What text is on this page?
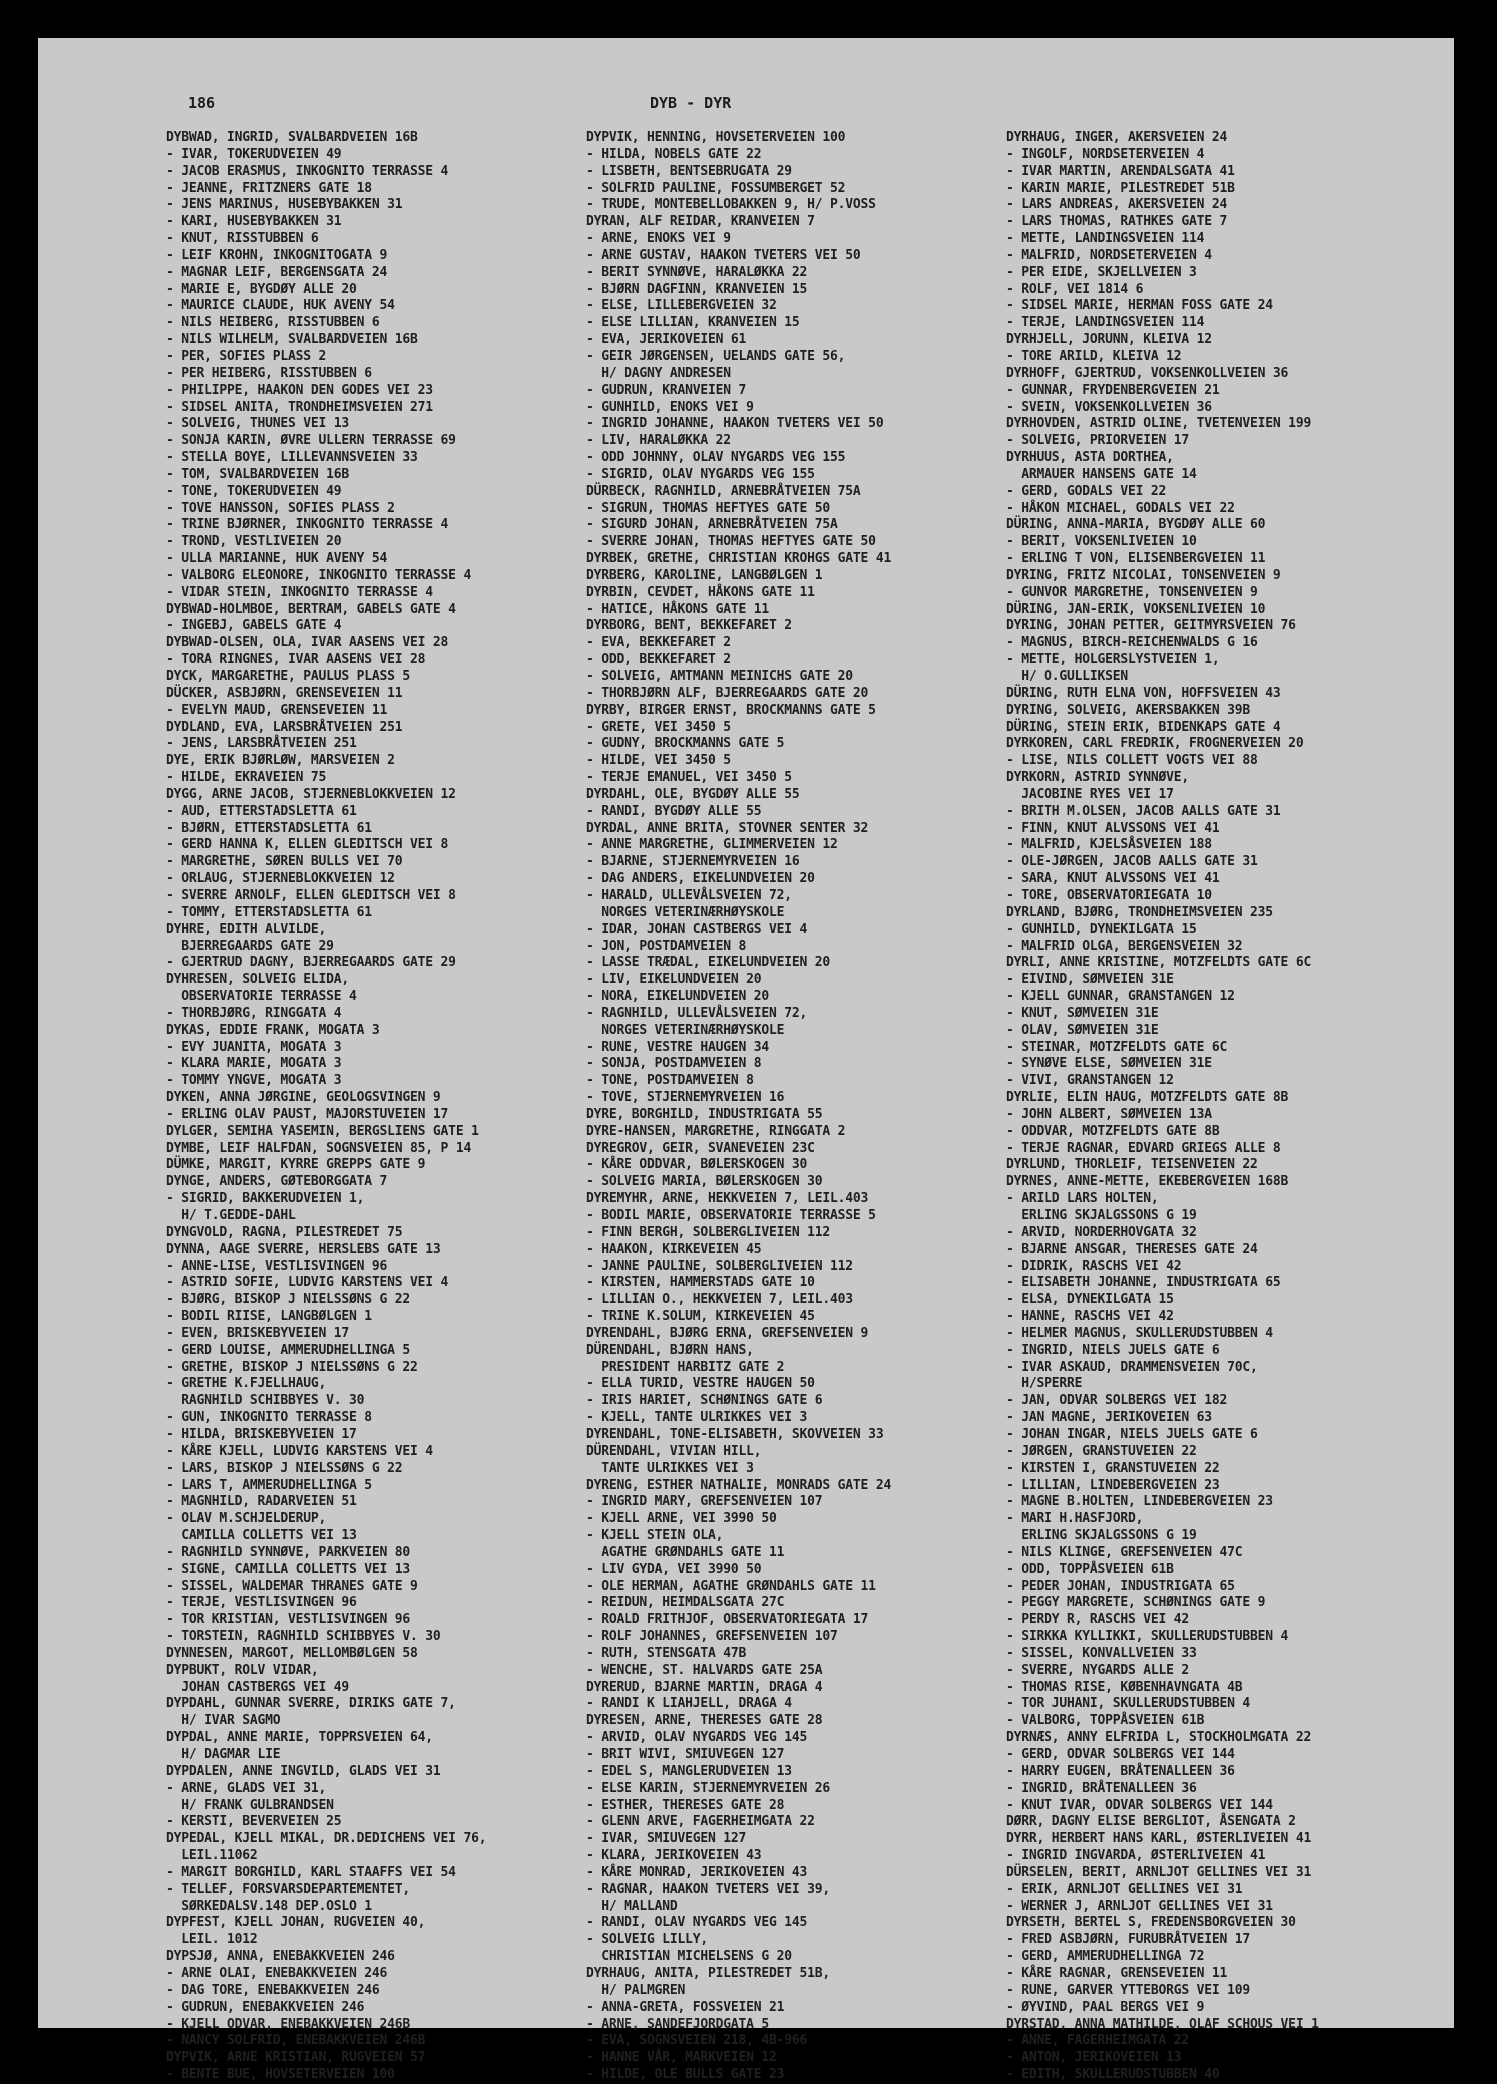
186	DYB - DYR
DYBWAD, INGRID, SVALBARDVEIEN 16B
- IVAR, TOKERUDVEIEN 49
- JACOB ERASMUS, INKOGNITO TERRASSE 4
- JEANNE, FRITZNERS GATE 18
- JENS MARINUS, HUSEBYBAKKEN 31
- KARI, HUSEBYBAKKEN 31
- KNUT, RISSTUBBEN 6
- LEIF KROHN, INKOGNITOGATA 9
- MAGNAR LEIF, BERGENSGATA 24
- MARIE E, BYGDØY ALLE 20
- MAURICE CLAUDE, HUK AVENY 54
- NILS HEIBERG, RISSTUBBEN 6
- NILS WILHELM, SVALBARDVEIEN 16B
- PER, SOFIES PLASS 2
- PER HEIBERG, RISSTUBBEN 6
- PHILIPPE, HAAKON DEN GODES VEI 23
- SIDSEL ANITA, TRONDHEIMSVEIEN 271
- SOLVEIG, THUNES VEI 13
- SONJA KARIN, ØVRE ULLERN TERRASSE 69
- STELLA BOYE, LILLEVANNSVEIEN 33
- TOM, SVALBARDVEIEN 16B
- TONE, TOKERUDVEIEN 49
- TOVE HANSSON, SOFIES PLASS 2
- TRINE BJØRNER, INKOGNITO TERRASSE 4
- TROND, VESTLIVEIEN 20
- ULLA MARIANNE, HUK AVENY 54
- VALBORG ELEONORE, INKOGNITO TERRASSE 4
- VIDAR STEIN, INKOGNITO TERRASSE 4
DYBWAD-HOLMBOE, BERTRAM, GABELS GATE 4
- INGEBJ, GABELS GATE 4
DYBWAD-OLSEN, OLA, IVAR AASENS VEI 28
- TORA RINGNES, IVAR AASENS VEI 28
DYCK, MARGARETHE, PAULUS PLASS 5
DÜCKER, ASBJØRN, GRENSEVEIEN 11
- EVELYN MAUD, GRENSEVEIEN 11
DYDLAND, EVA, LARSBRÅTVEIEN 251
- JENS, LARSBRÅTVEIEN 251
DYE, ERIK BJØRLØW, MARSVEIEN 2
- HILDE, EKRAVEIEN 75
DYGG, ARNE JACOB, STJERNEBLOKKVEIEN 12
- AUD, ETTERSTADSLETTA 61
- BJØRN, ETTERSTADSLETTA 61
- GERD HANNA K, ELLEN GLEDITSCH VEI 8
- MARGRETHE, SØREN BULLS VEI 70
- ORLAUG, STJERNEBLOKKVEIEN 12
- SVERRE ARNOLF, ELLEN GLEDITSCH VEI 8
- TOMMY, ETTERSTADSLETTA 61
DYHRE, EDITH ALVILDE,
BJERREGAARDS GATE 29
- GJERTRUD DAGNY, BJERREGAARDS GATE 29
DYHRESEN, SOLVEIG ELIDA,
OBSERVATORIE TERRASSE 4
- THORBJØRG, RINGGATA 4
DYKAS, EDDIE FRANK, MOGATA 3
- EVY JUANITA, MOGATA 3
- KLARA MARIE, MOGATA 3
- TOMMY YNGVE, MOGATA 3
DYKEN, ANNA JØRGINE, GEOLOGSVINGEN 9
- ERLING OLAV PAUST, MAJORSTUVEIEN 17
DYLGER, SEMIHA YASEMIN, BERGSLIENS GATE 1
DYMBE, LEIF HALFDAN, SOGNSVEIEN 85, P 14
DÜMKE, MARGIT, KYRRE GREPPS GATE 9
DYNGE, ANDERS, GØTEBORGGATA 7
- SIGRID, BAKKERUDVEIEN 1,
H/ T.GEDDE-DAHL
DYNGVOLD, RAGNA, PILESTREDET 75
DYNNA, AAGE SVERRE, HERSLEBS GATE 13
- ANNE-LISE, VESTLISVINGEN 96
- ASTRID SOFIE, LUDVIG KARSTENS VEI 4
- BJØRG, BISKOP J NIELSSØNS G 22
- BODIL RIISE, LANGBØLGEN 1
- EVEN, BRISKEBYVEIEN 17
- GERD LOUISE, AMMERUDHELLINGA 5
- GRETHE, BISKOP J NIELSSØNS G 22
- GRETHE K.FJELLHAUG,
RAGNHILD SCHIBBYES V. 30
- GUN, INKOGNITO TERRASSE 8
- HILDA, BRISKEBYVEIEN 17
- KÅRE KJELL, LUDVIG KARSTENS VEI 4
- LARS, BISKOP J NIELSSØNS G 22
- LARS T, AMMERUDHELLINGA 5
- MAGNHILD, RADARVEIEN 51
- OLAV M.SCHJELDERUP,
CAMILLA COLLETTS VEI 13
- RAGNHILD SYNNØVE, PARKVEIEN 80
- SIGNE, CAMILLA COLLETTS VEI 13
- SISSEL, WALDEMAR THRANES GATE 9
- TERJE, VESTLISVINGEN 96
- TOR KRISTIAN, VESTLISVINGEN 96
- TORSTEIN, RAGNHILD SCHIBBYES V. 30
DYNNESEN, MARGOT, MELLOMBØLGEN 58
DYPBUKT, ROLV VIDAR,
JOHAN CASTBERGS VEI 49
DYPDAHL, GUNNAR SVERRE, DIRIKS GATE 7,
H/ IVAR SAGMO
DYPDAL, ANNE MARIE, TOPPRSVEIEN 64,
H/ DAGMAR LIE
DYPDALEN, ANNE INGVILD, GLADS VEI 31
- ARNE, GLADS VEI 31,
H/ FRANK GULBRANDSEN
- KERSTI, BEVERVEIEN 25
DYPEDAL, KJELL MIKAL, DR.DEDICHENS VEI 76,
LEIL.11062
- MARGIT BORGHILD, KARL STAAFFS VEI 54
- TELLEF, FORSVARSDEPARTEMENTET,
SØRKEDALSV.148 DEP.OSLO 1
DYPFEST, KJELL JOHAN, RUGVEIEN 40,
LEIL. 1012
DYPSJØ, ANNA, ENEBAKKVEIEN 246
- ARNE OLAI, ENEBAKKVEIEN 246
- DAG TORE, ENEBAKKVEIEN 246
- GUDRUN, ENEBAKKVEIEN 246
- KJELL ODVAR, ENEBAKKVEIEN 246B
- NANCY SOLFRID, ENEBAKKVEIEN 246B
DYPVIK, ARNE KRISTIAN, RUGVEIEN 57
- BENTE BUE, HOVSETERVEIEN 100
DYPVIK, HENNING, HOVSETERVEIEN 100
- HILDA, NOBELS GATE 22
- LISBETH, BENTSEBRUGATA 29
- SOLFRID PAULINE, FOSSUMBERGET 52
- TRUDE, MONTEBELLOBAKKEN 9, H/ P.VOSS
DYRAN, ALF REIDAR, KRANVEIEN 7
- ARNE, ENOKS VEI 9
- ARNE GUSTAV, HAAKON TVETERS VEI 50
- BERIT SYNNØVE, HARALØKKA 22
- BJØRN DAGFINN, KRANVEIEN 15
- ELSE, LILLEBERGVEIEN 32
- ELSE LILLIAN, KRANVEIEN 15
- EVA, JERIKOVEIEN 61
- GEIR JØRGENSEN, UELANDS GATE 56,
H/ DAGNY ANDRESEN
- GUDRUN, KRANVEIEN 7
- GUNHILD, ENOKS VEI 9
- INGRID JOHANNE, HAAKON TVETERS VEI 50
- LIV, HARALØKKA 22
- ODD JOHNNY, OLAV NYGARDS VEG 155
- SIGRID, OLAV NYGARDS VEG 155
DÜRBECK, RAGNHILD, ARNEBRÅTVEIEN 75A
- SIGRUN, THOMAS HEFTYES GATE 50
- SIGURD JOHAN, ARNEBRÅTVEIEN 75A
- SVERRE JOHAN, THOMAS HEFTYES GATE 50
DYRBEK, GRETHE, CHRISTIAN KROHGS GATE 41
DYRBERG, KAROLINE, LANGBØLGEN 1
DYRBIN, CEVDET, HÅKONS GATE 11
- HATICE, HÅKONS GATE 11
DYRBORG, BENT, BEKKEFARET 2
- EVA, BEKKEFARET 2
- ODD, BEKKEFARET 2
- SOLVEIG, AMTMANN MEINICHS GATE 20
- THORBJØRN ALF, BJERREGAARDS GATE 20
DYRBY, BIRGER ERNST, BROCKMANNS GATE 5
- GRETE, VEI 3450 5
- GUDNY, BROCKMANNS GATE 5
- HILDE, VEI 3450 5
- TERJE EMANUEL, VEI 3450 5
DYRDAHL, OLE, BYGDØY ALLE 55
- RANDI, BYGDØY ALLE 55
DYRDAL, ANNE BRITA, STOVNER SENTER 32
- ANNE MARGRETHE, GLIMMERVEIEN 12
- BJARNE, STJERNEMYRVEIEN 16
- DAG ANDERS, EIKELUNDVEIEN 20
- HARALD, ULLEVÅLSVEIEN 72,
NORGES VETERINÆRHØYSKOLE
- IDAR, JOHAN CASTBERGS VEI 4
- JON, POSTDAMVEIEN 8
- LASSE TRÆDAL, EIKELUNDVEIEN 20
- LIV, EIKELUNDVEIEN 20
- NORA, EIKELUNDVEIEN 20
- RAGNHILD, ULLEVÅLSVEIEN 72,
NORGES VETERINÆRHØYSKOLE
- RUNE, VESTRE HAUGEN 34
- SONJA, POSTDAMVEIEN 8
- TONE, POSTDAMVEIEN 8
- TOVE, STJERNEMYRVEIEN 16
DYRE, BORGHILD, INDUSTRIGATA 55
DYRE-HANSEN, MARGRETHE, RINGGATA 2
DYREGROV, GEIR, SVANEVEIEN 23C
- KÅRE ODDVAR, BØLERSKOGEN 30
- SOLVEIG MARIA, BØLERSKOGEN 30
DYREMYHR, ARNE, HEKKVEIEN 7, LEIL.403
- BODIL MARIE, OBSERVATORIE TERRASSE 5
- FINN BERGH, SOLBERGLIVEIEN 112
- HAAKON, KIRKEVEIEN 45
- JANNE PAULINE, SOLBERGLIVEIEN 112
- KIRSTEN, HAMMERSTADS GATE 10
- LILLIAN O., HEKKVEIEN 7, LEIL.403
- TRINE K.SOLUM, KIRKEVEIEN 45
DYRENDAHL, BJØRG ERNA, GREFSENVEIEN 9
DÜRENDAHL, BJØRN HANS,
PRESIDENT HARBITZ GATE 2
- ELLA TURID, VESTRE HAUGEN 50
- IRIS HARIET, SCHØNINGS GATE 6
- KJELL, TANTE ULRIKKES VEI 3
DYRENDAHL, TONE-ELISABETH, SKOVVEIEN 33
DÜRENDAHL, VIVIAN HILL,
TANTE ULRIKKES VEI 3
DYRENG, ESTHER NATHALIE, MONRADS GATE 24
- INGRID MARY, GREFSENVEIEN 107
- KJELL ARNE, VEI 3990 50
- KJELL STEIN OLA,
AGATHE GRØNDAHLS GATE 11
- LIV GYDA, VEI 3990 50
- OLE HERMAN, AGATHE GRØNDAHLS GATE 11
- REIDUN, HEIMDALSGATA 27C
- ROALD FRITHJOF, OBSERVATORIEGATA 17
- ROLF JOHANNES, GREFSENVEIEN 107
- RUTH, STENSGATA 47B
- WENCHE, ST. HALVARDS GATE 25A
DYRERUD, BJARNE MARTIN, DRAGA 4
- RANDI K LIAHJELL, DRAGA 4
DYRESEN, ARNE, THERESES GATE 28
- ARVID, OLAV NYGARDS VEG 145
- BRIT WIVI, SMIUVEGEN 127
- EDEL S, MANGLERUDVEIEN 13
- ELSE KARIN, STJERNEMYRVEIEN 26
- ESTHER, THERESES GATE 28
- GLENN ARVE, FAGERHEIMGATA 22
- IVAR, SMIUVEGEN 127
- KLARA, JERIKOVEIEN 43
- KÅRE MONRAD, JERIKOVEIEN 43
- RAGNAR, HAAKON TVETERS VEI 39,
H/ MALLAND
- RANDI, OLAV NYGARDS VEG 145
- SOLVEIG LILLY,
CHRISTIAN MICHELSENS G 20
DYRHAUG, ANITA, PILESTREDET 51B,
H/ PALMGREN
- ANNA-GRETA, FOSSVEIEN 21
- ARNE, SANDEFJORDGATA 5
- EVA, SOGNSVEIEN 218, 4B-966
- HANNE VÅR, MARKVEIEN 12
- HILDE, OLE BULLS GATE 23
DYRHAUG, INGER, AKERSVEIEN 24
- INGOLF, NORDSETERVEIEN 4
- IVAR MARTIN, ARENDALSGATA 41
- KARIN MARIE, PILESTREDET 51B
- LARS ANDREAS, AKERSVEIEN 24
- LARS THOMAS, RATHKES GATE 7
- METTE, LANDINGSVEIEN 114
- MALFRID, NORDSETERVEIEN 4
- PER EIDE, SKJELLVEIEN 3
- ROLF, VEI 1814 6
- SIDSEL MARIE, HERMAN FOSS GATE 24
- TERJE, LANDINGSVEIEN 114
DYRHJELL, JORUNN, KLEIVA 12
- TORE ARILD, KLEIVA 12
DYRHOFF, GJERTRUD, VOKSENKOLLVEIEN 36
- GUNNAR, FRYDENBERGVEIEN 21
- SVEIN, VOKSENKOLLVEIEN 36
DYRHOVDEN, ASTRID OLINE, TVETENVEIEN 199
- SOLVEIG, PRIORVEIEN 17
DYRHUUS, ASTA DORTHEA,
ARMAUER HANSENS GATE 14
- GERD, GODALS VEI 22
- HÅKON MICHAEL, GODALS VEI 22
DÜRING, ANNA-MARIA, BYGDØY ALLE 60
- BERIT, VOKSENLIVEIEN 10
- ERLING T VON, ELISENBERGVEIEN 11
DYRING, FRITZ NICOLAI, TONSENVEIEN 9
- GUNVOR MARGRETHE, TONSENVEIEN 9
DÜRING, JAN-ERIK, VOKSENLIVEIEN 10
DYRING, JOHAN PETTER, GEITMYRSVEIEN 76
- MAGNUS, BIRCH-REICHENWALDS G 16
- METTE, HOLGERSLYSTVEIEN 1,
H/ O.GULLIKSEN
DÜRING, RUTH ELNA VON, HOFFSVEIEN 43
DYRING, SOLVEIG, AKERSBAKKEN 39B
DÜRING, STEIN ERIK, BIDENKAPS GATE 4
DYRKOREN, CARL FREDRIK, FROGNERVEIEN 20
- LISE, NILS COLLETT VOGTS VEI 88
DYRKORN, ASTRID SYNNØVE,
JACOBINE RYES VEI 17
- BRITH M.OLSEN, JACOB AALLS GATE 31
- FINN, KNUT ALVSSONS VEI 41
- MALFRID, KJELSÅSVEIEN 188
- OLE-JØRGEN, JACOB AALLS GATE 31
- SARA, KNUT ALVSSONS VEI 41
- TORE, OBSERVATORIEGATA 10
DYRLAND, BJØRG, TRONDHEIMSVEIEN 235
- GUNHILD, DYNEKILGATA 15
- MALFRID OLGA, BERGENSVEIEN 32
DYRLI, ANNE KRISTINE, MOTZFELDTS GATE 6C
- EIVIND, SØMVEIEN 31E
- KJELL GUNNAR, GRANSTANGEN 12
- KNUT, SØMVEIEN 31E
- OLAV, SØMVEIEN 31E
- STEINAR, MOTZFELDTS GATE 6C
- SYNØVE ELSE, SØMVEIEN 31E
- VIVI, GRANSTANGEN 12
DYRLIE, ELIN HAUG, MOTZFELDTS GATE 8B
- JOHN ALBERT, SØMVEIEN 13A
- ODDVAR, MOTZFELDTS GATE 8B
- TERJE RAGNAR, EDVARD GRIEGS ALLE 8
DYRLUND, THORLEIF, TEISENVEIEN 22
DYRNES, ANNE-METTE, EKEBERGVEIEN 168B
- ARILD LARS HOLTEN,
ERLING SKJALGSSONS G 19
- ARVID, NORDERHOVGATA 32
- BJARNE ANSGAR, THERESES GATE 24
- DIDRIK, RASCHS VEI 42
- ELISABETH JOHANNE, INDUSTRIGATA 65
- ELSA, DYNEKILGATA 15
- HANNE, RASCHS VEI 42
- HELMER MAGNUS, SKULLERUDSTUBBEN 4
- INGRID, NIELS JUELS GATE 6
- IVAR ASKAUD, DRAMMENSVEIEN 70C,
H/SPERRE
- JAN, ODVAR SOLBERGS VEI 182
- JAN MAGNE, JERIKOVEIEN 63
- JOHAN INGAR, NIELS JUELS GATE 6
- JØRGEN, GRANSTUVEIEN 22
- KIRSTEN I, GRANSTUVEIEN 22
- LILLIAN, LINDEBERGVEIEN 23
- MAGNE B.HOLTEN, LINDEBERGVEIEN 23
- MARI H.HASFJORD,
ERLING SKJALGSSONS G 19
- NILS KLINGE, GREFSENVEIEN 47C
- ODD, TOPPÅSVEIEN 61B
- PEDER JOHAN, INDUSTRIGATA 65
- PEGGY MARGRETE, SCHØNINGS GATE 9
- PERDY R, RASCHS VEI 42
- SIRKKA KYLLIKKI, SKULLERUDSTUBBEN 4
- SISSEL, KONVALLVEIEN 33
- SVERRE, NYGARDS ALLE 2
- THOMAS RISE, KØBENHAVNGATA 4B
- TOR JUHANI, SKULLERUDSTUBBEN 4
- VALBORG, TOPPÅSVEIEN 61B
DYRNÆS, ANNY ELFRIDA L, STOCKHOLMGATA 22
- GERD, ODVAR SOLBERGS VEI 144
- HARRY EUGEN, BRÅTENALLEEN 36
- INGRID, BRÅTENALLEEN 36
- KNUT IVAR, ODVAR SOLBERGS VEI 144
DØRR, DAGNY ELISE BERGLIOT, ÅSENGATA 2
DYRR, HERBERT HANS KARL, ØSTERLIVEIEN 41
- INGRID INGVARDA, ØSTERLIVEIEN 41
DÜRSELEN, BERIT, ARNLJOT GELLINES VEI 31
- ERIK, ARNLJOT GELLINES VEI 31
- WERNER J, ARNLJOT GELLINES VEI 31
DYRSETH, BERTEL S, FREDENSBORGVEIEN 30
- FRED ASBJØRN, FURUBRÅTVEIEN 17
- GERD, AMMERUDHELLINGA 72
- KÅRE RAGNAR, GRENSEVEIEN 11
- RUNE, GARVER YTTEBORGS VEI 109
- ØYVIND, PAAL BERGS VEI 9
DYRSTAD, ANNA MATHILDE, OLAF SCHOUS VEI 1
- ANNE, FAGERHEIMGATA 22
- ANTON, JERIKOVEIEN 13
- EDITH, SKULLERUDSTUBBEN 40
